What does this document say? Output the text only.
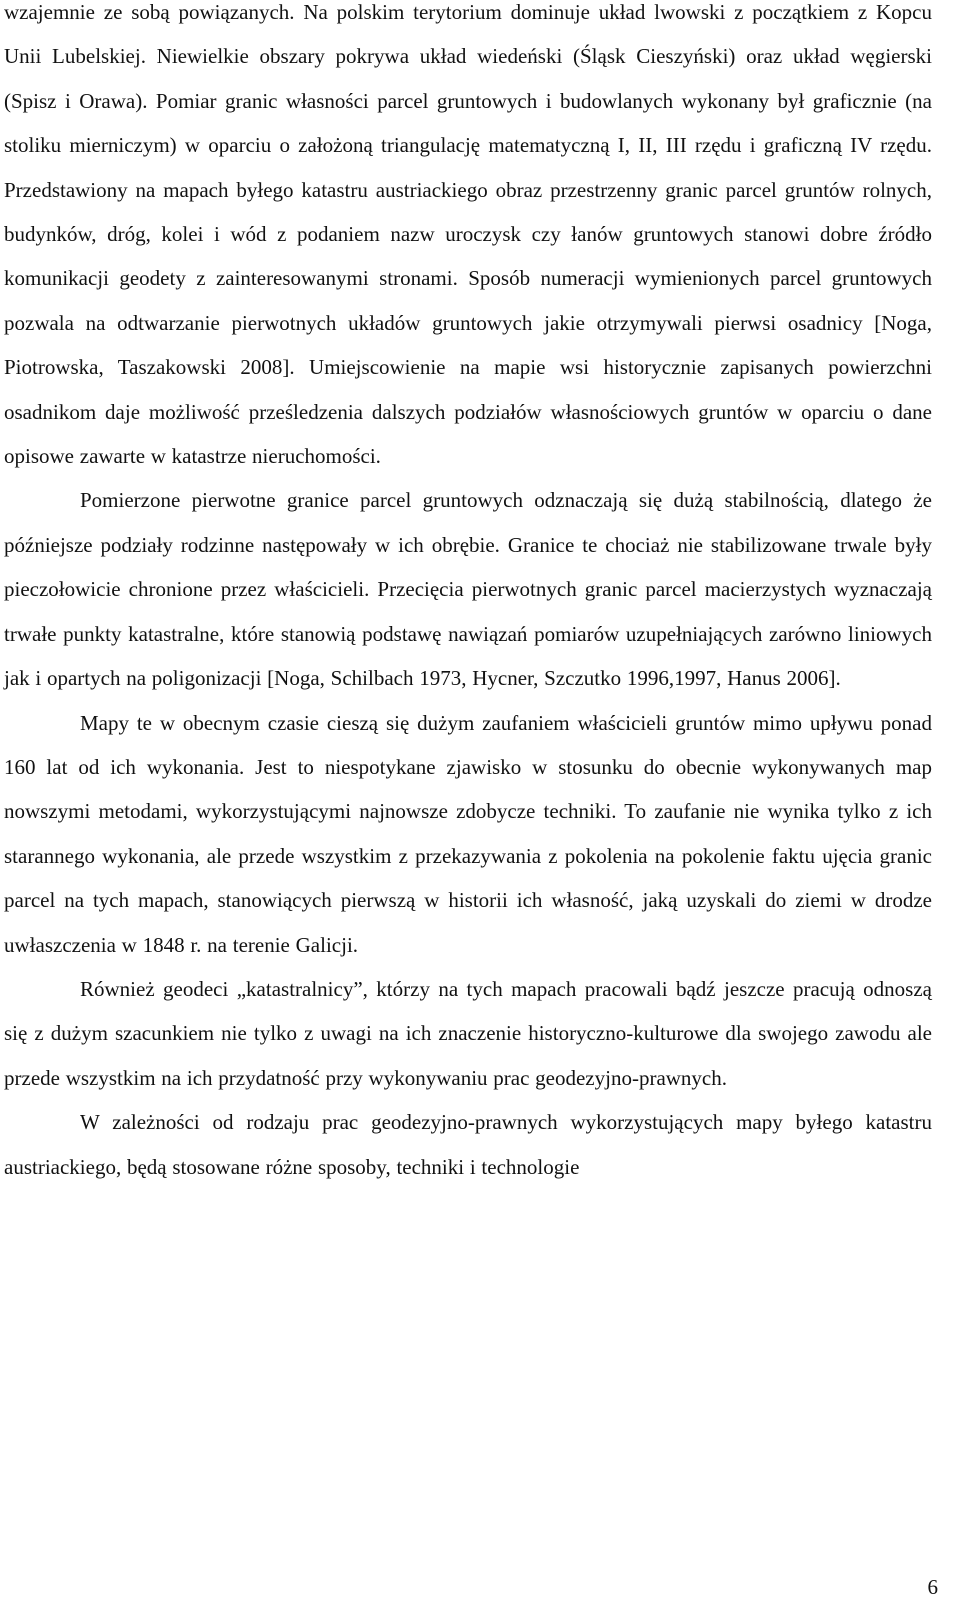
wzajemnie ze sobą powiązanych. Na polskim terytorium dominuje układ lwowski z początkiem z Kopcu Unii Lubelskiej. Niewielkie obszary pokrywa układ wiedeński (Śląsk Cieszyński) oraz układ węgierski (Spisz i Orawa). Pomiar granic własności parcel gruntowych i budowlanych wykonany był graficznie (na stoliku mierniczym) w oparciu o założoną triangulację matematyczną I, II, III rzędu i graficzną IV rzędu. Przedstawiony na mapach byłego katastru austriackiego obraz przestrzenny granic parcel gruntów rolnych, budynków, dróg, kolei i wód z podaniem nazw uroczysk czy łanów gruntowych stanowi dobre źródło komunikacji geodety z zainteresowanymi stronami. Sposób numeracji wymienionych parcel gruntowych pozwala na odtwarzanie pierwotnych układów gruntowych jakie otrzymywali pierwsi osadnicy [Noga, Piotrowska, Taszakowski 2008]. Umiejscowienie na mapie wsi historycznie zapisanych powierzchni osadnikom daje możliwość prześledzenia dalszych podziałów własnościowych gruntów w oparciu o dane opisowe zawarte w katastrze nieruchomości.

Pomierzone pierwotne granice parcel gruntowych odznaczają się dużą stabilnością, dlatego że późniejsze podziały rodzinne następowały w ich obrębie. Granice te chociaż nie stabilizowane trwale były pieczołowicie chronione przez właścicieli. Przecięcia pierwotnych granic parcel macierzystych wyznaczają trwałe punkty katastralne, które stanowią podstawę nawiązań pomiarów uzupełniających zarówno liniowych jak i opartych na poligonizacji [Noga, Schilbach 1973, Hycner, Szczutko 1996,1997, Hanus 2006].

Mapy te w obecnym czasie cieszą się dużym zaufaniem właścicieli gruntów mimo upływu ponad 160 lat od ich wykonania. Jest to niespotykane zjawisko w stosunku do obecnie wykonywanych map nowszymi metodami, wykorzystującymi najnowsze zdobycze techniki. To zaufanie nie wynika tylko z ich starannego wykonania, ale przede wszystkim z przekazywania z pokolenia na pokolenie faktu ujęcia granic parcel na tych mapach, stanowiących pierwszą w historii ich własność, jaką uzyskali do ziemi w drodze uwłaszczenia w 1848 r. na terenie Galicji.

Również geodeci „katastralnicy”, którzy na tych mapach pracowali bądź jeszcze pracują odnoszą się z dużym szacunkiem nie tylko z uwagi na ich znaczenie historyczno-kulturowe dla swojego zawodu ale przede wszystkim na ich przydatność przy wykonywaniu prac geodezyjno-prawnych.

W zależności od rodzaju prac geodezyjno-prawnych wykorzystujących mapy byłego katastru austriackiego, będą stosowane różne sposoby, techniki i technologie

6
